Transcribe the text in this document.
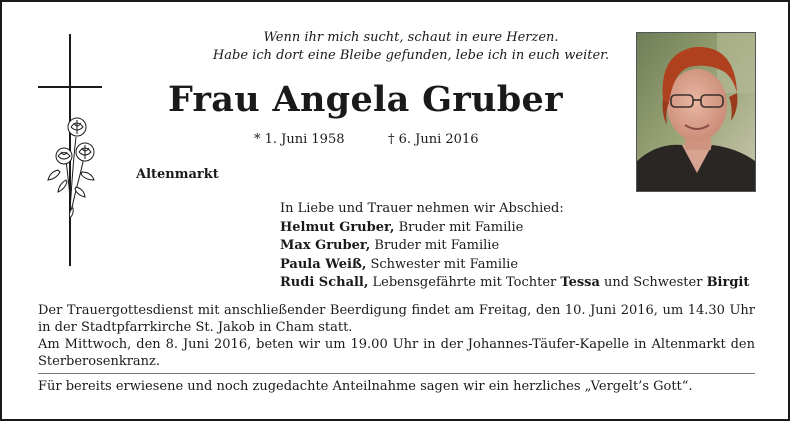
Wenn ihr mich sucht, schaut in eure Herzen.
Habe ich dort eine Bleibe gefunden, lebe ich in euch weiter.
Frau Angela Gruber
* 1. Juni 1958	† 6. Juni 2016
Altenmarkt
In Liebe und Trauer nehmen wir Abschied:
Helmut Gruber, Bruder mit Familie
Max Gruber, Bruder mit Familie
Paula Weiß, Schwester mit Familie
Rudi Schall, Lebensgefährte mit Tochter Tessa und Schwester Birgit

Der Trauergottesdienst mit anschließender Beerdigung findet am Freitag, den 10. Juni 2016, um 14.30 Uhr in der Stadtpfarrkirche St. Jakob in Cham statt.

Am Mittwoch, den 8. Juni 2016, beten wir um 19.00 Uhr in der Johannes-Täufer-Kapelle in Altenmarkt den Sterberosenkranz.

Für bereits erwiesene und noch zugedachte Anteilnahme sagen wir ein herzliches „Vergelt’s Gott“.
